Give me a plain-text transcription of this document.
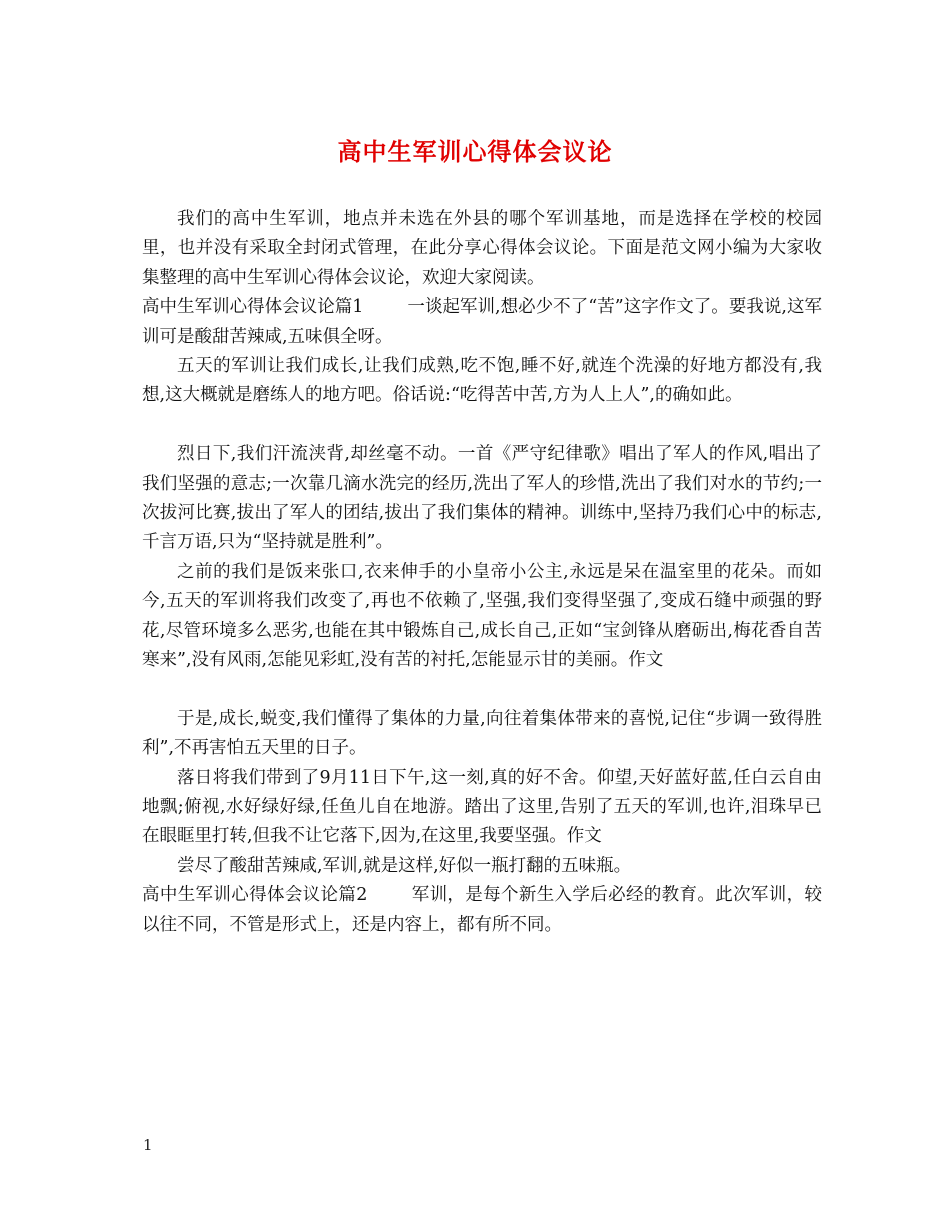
高中生军训心得体会议论

我们的高中生军训，地点并未选在外县的哪个军训基地，而是选择在学校的校园里，也并没有采取全封闭式管理，在此分享心得体会议论。下面是范文网小编为大家收集整理的高中生军训心得体会议论，欢迎大家阅读。

高中生军训心得体会议论篇1	一谈起军训,想必少不了“苦”这字作文了。要我说,这军训可是酸甜苦辣咸,五味俱全呀。

五天的军训让我们成长,让我们成熟,吃不饱,睡不好,就连个洗澡的好地方都没有,我想,这大概就是磨练人的地方吧。俗话说:“吃得苦中苦,方为人上人”,的确如此。

烈日下,我们汗流浃背,却丝毫不动。一首《严守纪律歌》唱出了军人的作风,唱出了我们坚强的意志;一次靠几滴水洗完的经历,洗出了军人的珍惜,洗出了我们对水的节约;一次拔河比赛,拔出了军人的团结,拔出了我们集体的精神。训练中,坚持乃我们心中的标志,千言万语,只为“坚持就是胜利”。

之前的我们是饭来张口,衣来伸手的小皇帝小公主,永远是呆在温室里的花朵。而如今,五天的军训将我们改变了,再也不依赖了,坚强,我们变得坚强了,变成石缝中顽强的野花,尽管环境多么恶劣,也能在其中锻炼自己,成长自己,正如“宝剑锋从磨砺出,梅花香自苦寒来”,没有风雨,怎能见彩虹,没有苦的衬托,怎能显示甘的美丽。作文

于是,成长,蜕变,我们懂得了集体的力量,向往着集体带来的喜悦,记住“步调一致得胜利”,不再害怕五天里的日子。

落日将我们带到了9月11日下午,这一刻,真的好不舍。仰望,天好蓝好蓝,任白云自由地飘;俯视,水好绿好绿,任鱼儿自在地游。踏出了这里,告别了五天的军训,也许,泪珠早已在眼眶里打转,但我不让它落下,因为,在这里,我要坚强。作文

尝尽了酸甜苦辣咸,军训,就是这样,好似一瓶打翻的五味瓶。

高中生军训心得体会议论篇2	军训，是每个新生入学后必经的教育。此次军训，较以往不同，不管是形式上，还是内容上，都有所不同。

1
